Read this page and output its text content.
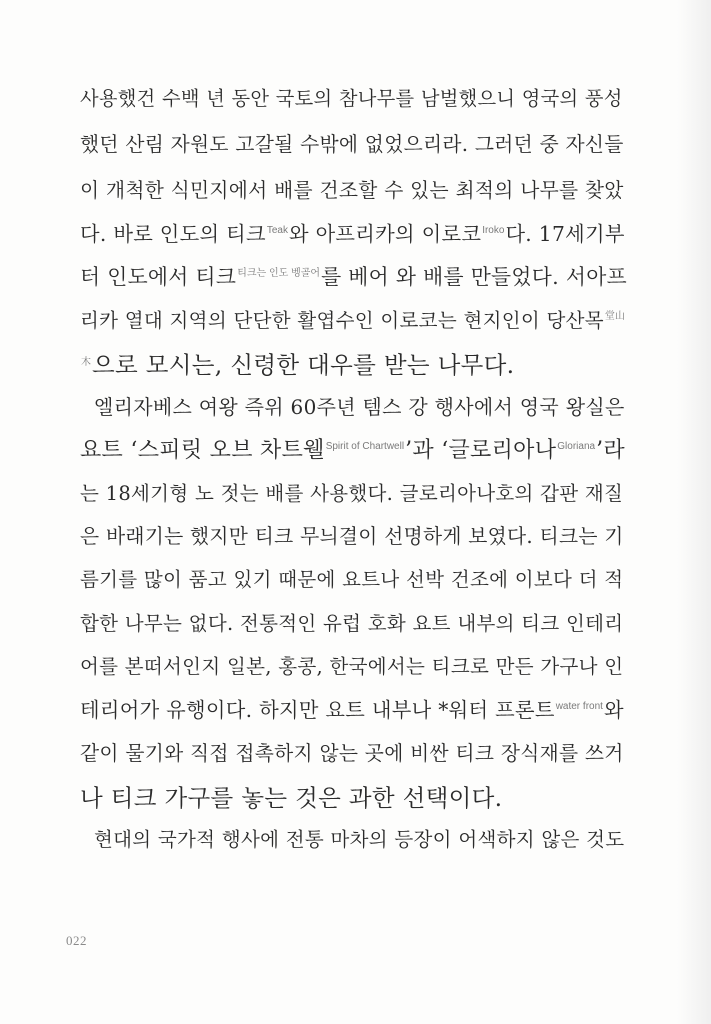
사용했건 수백 년 동안 국토의 참나무를 남벌했으니 영국의 풍성
했던 산림 자원도 고갈될 수밖에 없었으리라. 그러던 중 자신들
이 개척한 식민지에서 배를 건조할 수 있는 최적의 나무를 찾았
다. 바로 인도의 티크$^{Teak}$와 아프리카의 이로코$^{Iroko}$다. 17세기부
터 인도에서 티크$^{티크는 인도 벵골어}$를 베어 와 배를 만들었다. 서아프
리카 열대 지역의 단단한 활엽수인 이로코는 현지인이 당산목$^{堂山}$
$^木$으로 모시는, 신령한 대우를 받는 나무다.
엘리자베스 여왕 즉위 60주년 템스 강 행사에서 영국 왕실은
요트 ‘스피릿 오브 차트웰$^{Spirit of Chartwell}$’과 ‘글로리아나$^{Gloriana}$’라
는 18세기형 노 젓는 배를 사용했다. 글로리아나호의 갑판 재질
은 바래기는 했지만 티크 무늬결이 선명하게 보였다. 티크는 기
름기를 많이 품고 있기 때문에 요트나 선박 건조에 이보다 더 적
합한 나무는 없다. 전통적인 유럽 호화 요트 내부의 티크 인테리
어를 본떠서인지 일본, 홍콩, 한국에서는 티크로 만든 가구나 인
테리어가 유행이다. 하지만 요트 내부나 *워터 프론트$^{water front}$와
같이 물기와 직접 접촉하지 않는 곳에 비싼 티크 장식재를 쓰거
나 티크 가구를 놓는 것은 과한 선택이다.
현대의 국가적 행사에 전통 마차의 등장이 어색하지 않은 것도
022
